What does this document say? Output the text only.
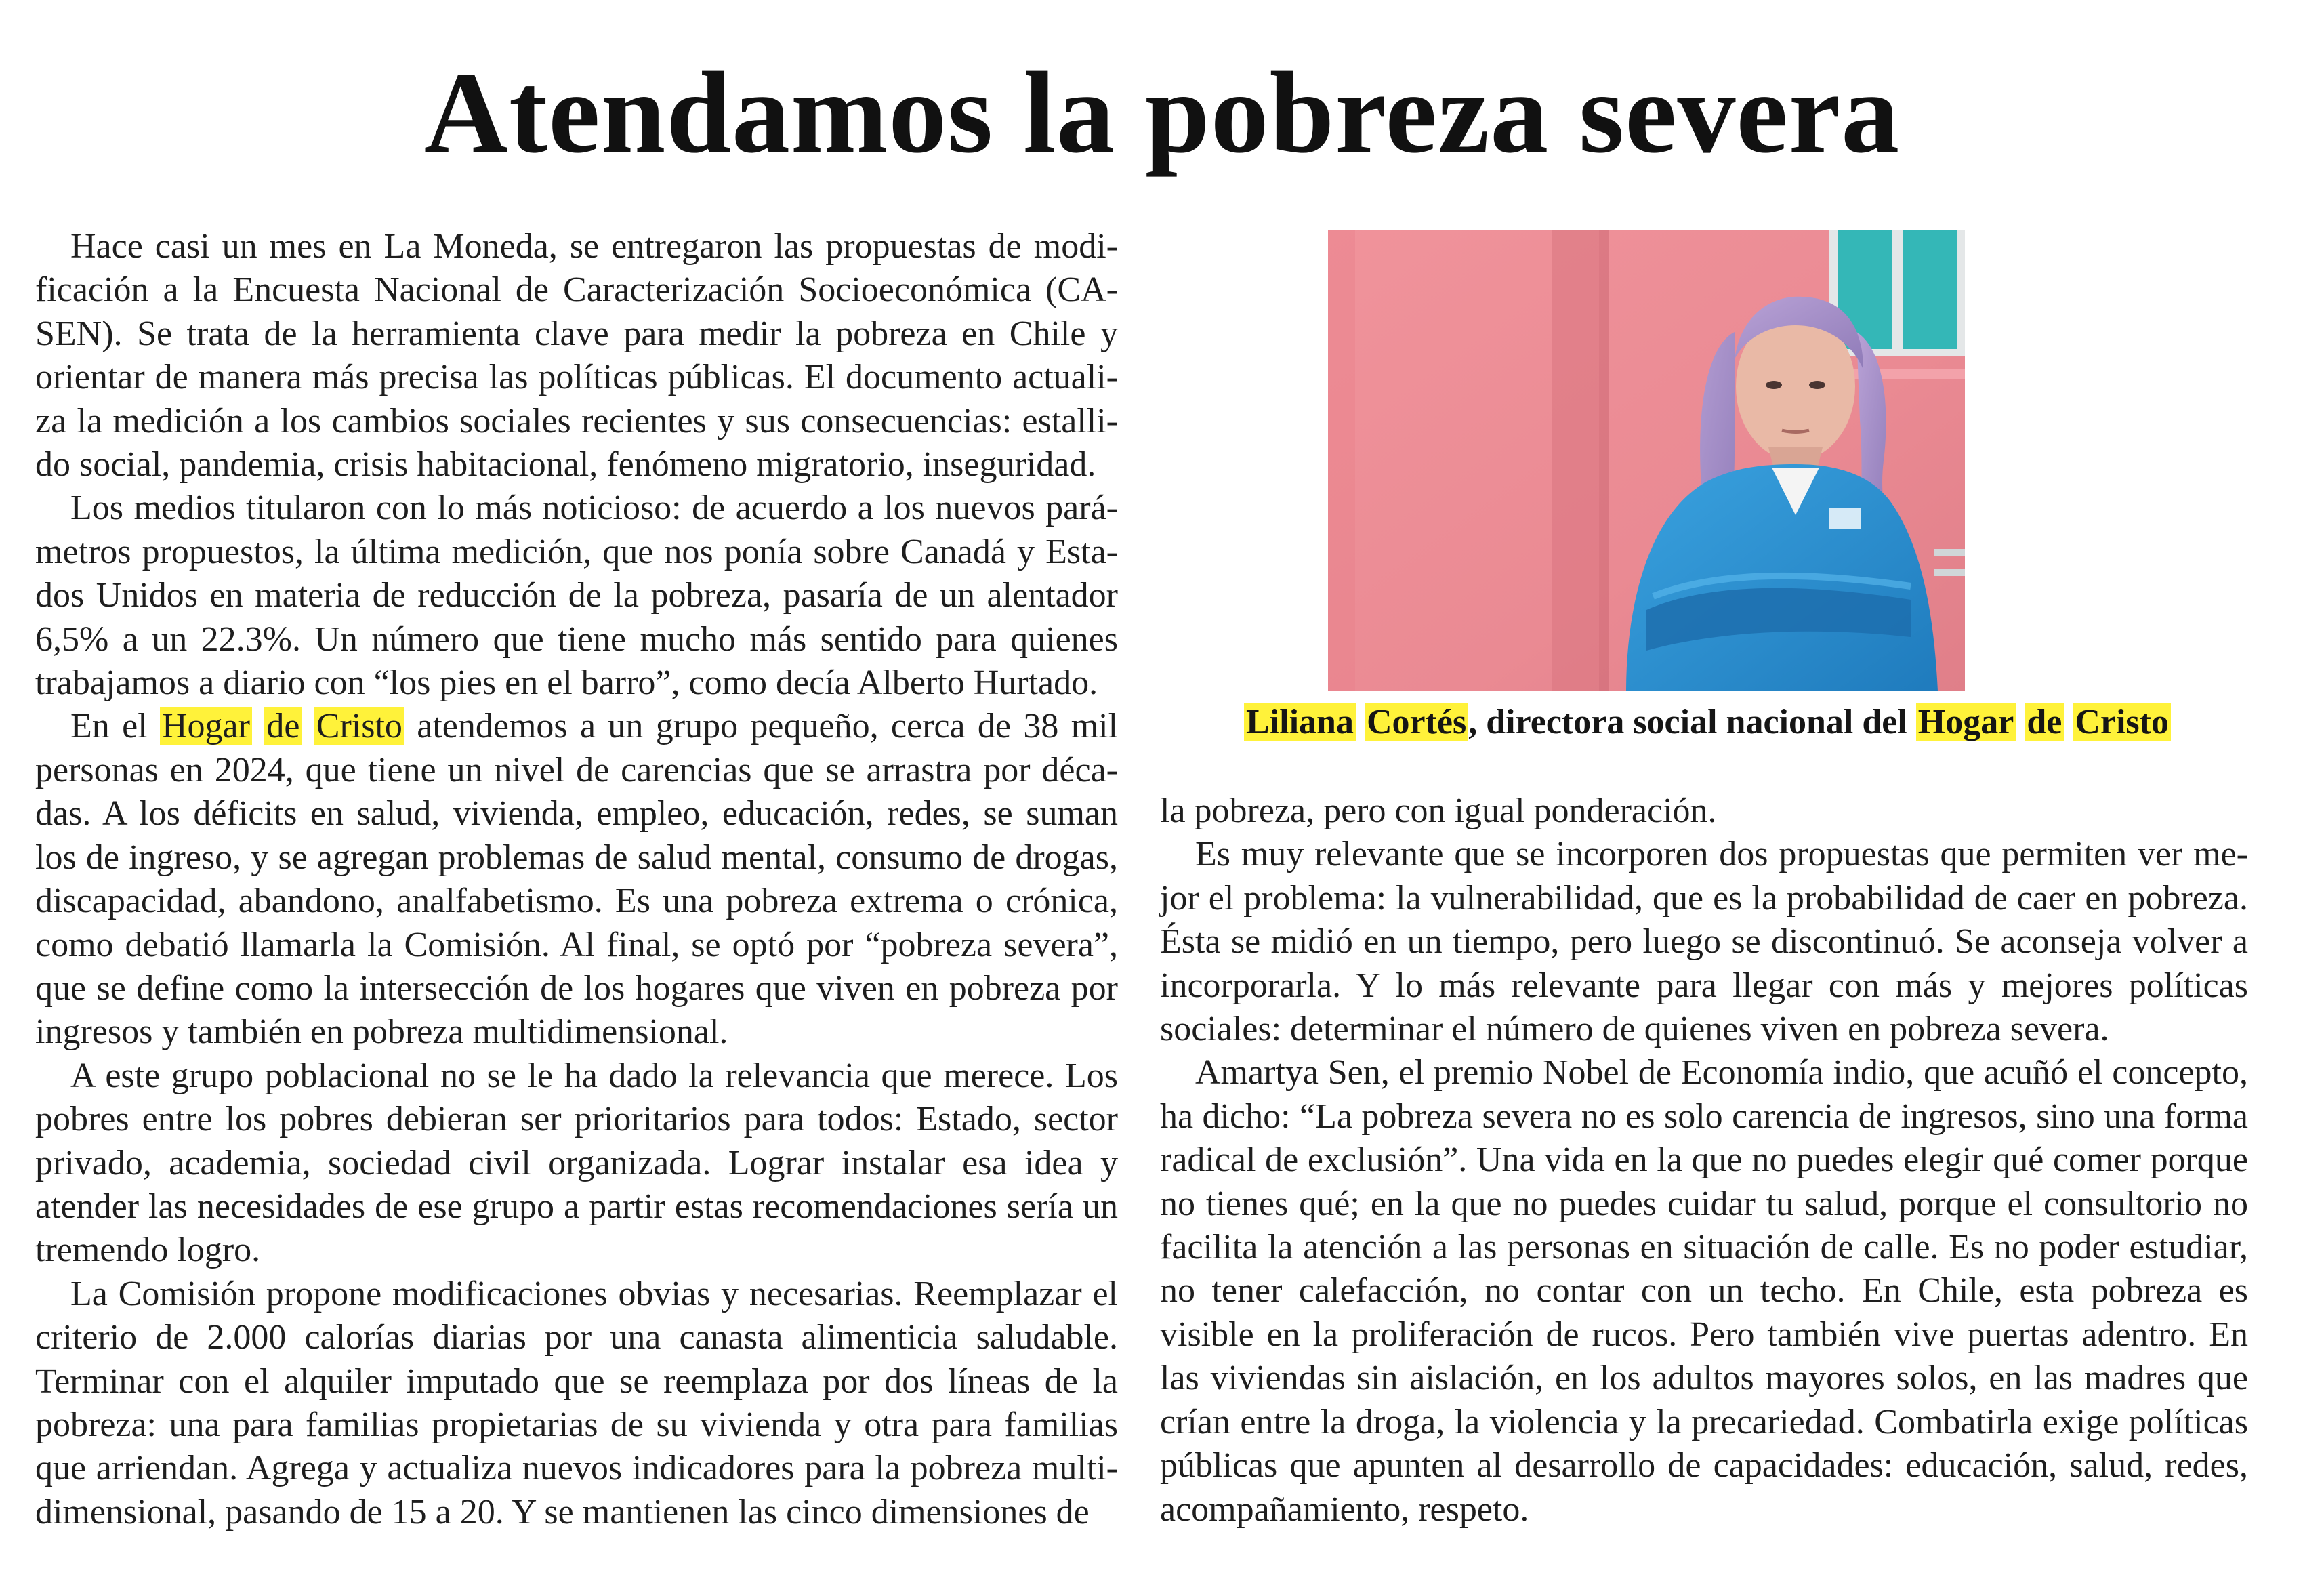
Atendamos la pobreza severa

Hace casi un mes en La Moneda, se entregaron las propuestas de modificación a la Encuesta Nacional de Caracterización Socioeconómica (CASEN). Se trata de la herramienta clave para medir la pobreza en Chile y orientar de manera más precisa las políticas públicas. El documento actualiza la medición a los cambios sociales recientes y sus consecuencias: estallido social, pandemia, crisis habitacional, fenómeno migratorio, inseguridad.

Los medios titularon con lo más noticioso: de acuerdo a los nuevos parámetros propuestos, la última medición, que nos ponía sobre Canadá y Estados Unidos en materia de reducción de la pobreza, pasaría de un alentador 6,5% a un 22.3%. Un número que tiene mucho más sentido para quienes trabajamos a diario con “los pies en el barro”, como decía Alberto Hurtado.

En el Hogar de Cristo atendemos a un grupo pequeño, cerca de 38 mil personas en 2024, que tiene un nivel de carencias que se arrastra por décadas. A los déficits en salud, vivienda, empleo, educación, redes, se suman los de ingreso, y se agregan problemas de salud mental, consumo de drogas, discapacidad, abandono, analfabetismo. Es una pobreza extrema o crónica, como debatió llamarla la Comisión. Al final, se optó por “pobreza severa”, que se define como la intersección de los hogares que viven en pobreza por ingresos y también en pobreza multidimensional.

A este grupo poblacional no se le ha dado la relevancia que merece. Los pobres entre los pobres debieran ser prioritarios para todos: Estado, sector privado, academia, sociedad civil organizada. Lograr instalar esa idea y atender las necesidades de ese grupo a partir estas recomendaciones sería un tremendo logro.

La Comisión propone modificaciones obvias y necesarias. Reemplazar el criterio de 2.000 calorías diarias por una canasta alimenticia saludable. Terminar con el alquiler imputado que se reemplaza por dos líneas de la pobreza: una para familias propietarias de su vivienda y otra para familias que arriendan. Agrega y actualiza nuevos indicadores para la pobreza multidimensional, pasando de 15 a 20. Y se mantienen las cinco dimensiones de

Liliana Cortés, directora social nacional del Hogar de Cristo

la pobreza, pero con igual ponderación.

Es muy relevante que se incorporen dos propuestas que permiten ver mejor el problema: la vulnerabilidad, que es la probabilidad de caer en pobreza. Ésta se midió en un tiempo, pero luego se discontinuó. Se aconseja volver a incorporarla. Y lo más relevante para llegar con más y mejores políticas sociales: determinar el número de quienes viven en pobreza severa.

Amartya Sen, el premio Nobel de Economía indio, que acuñó el concepto, ha dicho: “La pobreza severa no es solo carencia de ingresos, sino una forma radical de exclusión”. Una vida en la que no puedes elegir qué comer porque no tienes qué; en la que no puedes cuidar tu salud, porque el consultorio no facilita la atención a las personas en situación de calle. Es no poder estudiar, no tener calefacción, no contar con un techo. En Chile, esta pobreza es visible en la proliferación de rucos. Pero también vive puertas adentro. En las viviendas sin aislación, en los adultos mayores solos, en las madres que crían entre la droga, la violencia y la precariedad. Combatirla exige políticas públicas que apunten al desarrollo de capacidades: educación, salud, redes, acompañamiento, respeto.
